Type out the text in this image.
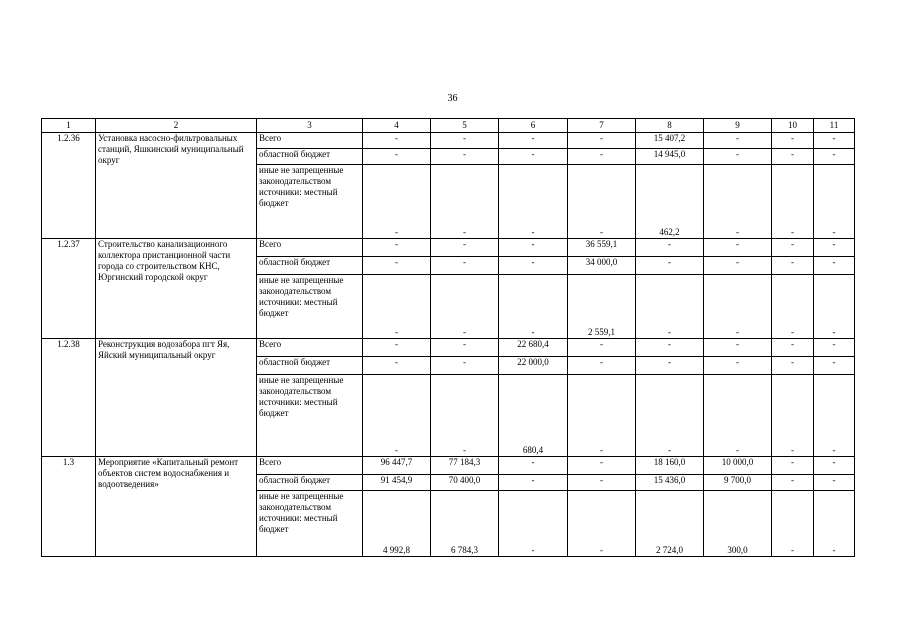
36
1	2	3	4	5	6	7	8	9	10	11
1.2.36	Установка насосно-фильтровальных станций, Яшкинский муниципальный округ	Всего	-	-	-	-	15 407,2	-	-	-
		областной бюджет	-	-	-	-	14 945,0	-	-	-
		иные не запрещенные законодательством источники: местный бюджет	-	-	-	-	462,2	-	-	-
1.2.37	Строительство канализационного коллектора пристанционной части города со строительством КНС, Юргинский городской округ	Всего	-	-	-	36 559,1	-	-	-	-
		областной бюджет	-	-	-	34 000,0	-	-	-	-
		иные не запрещенные законодательством источники: местный бюджет	-	-	-	2 559,1	-	-	-	-
1.2.38	Реконструкция водозабора пгт Яя, Яйский муниципальный округ	Всего	-	-	22 680,4	-	-	-	-	-
		областной бюджет	-	-	22 000,0	-	-	-	-	-
		иные не запрещенные законодательством источники: местный бюджет	-	-	680,4	-	-	-	-	-
1.3	Мероприятие «Капитальный ремонт объектов систем водоснабжения и водоотведения»	Всего	96 447,7	77 184,3	-	-	18 160,0	10 000,0	-	-
		областной бюджет	91 454,9	70 400,0	-	-	15 436,0	9 700,0	-	-
		иные не запрещенные законодательством источники: местный бюджет	4 992,8	6 784,3	-	-	2 724,0	300,0	-	-
